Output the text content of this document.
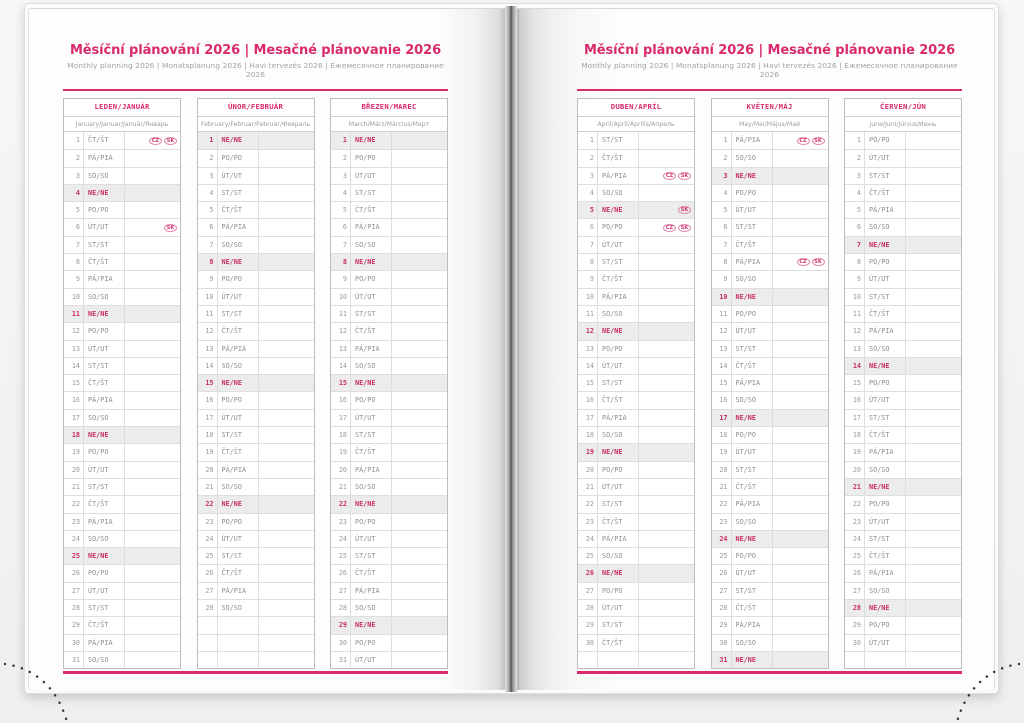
Měsíční plánování 2026 | Mesačné plánovanie 2026
Monthly planning 2026 | Monatsplanung 2026 | Havi tervezés 2026 | Ежемесячное планирование 2026
LEDEN/JANUÁR
January/Januar/Január/Январь
1	ČT/ŠT	CZ	SK
2	PÁ/PIA
3	SO/SO
4	NE/NE
5	PO/PO
6	ÚT/UT	SK
7	ST/ST
8	ČT/ŠT
9	PÁ/PIA
10	SO/SO
11	NE/NE
12	PO/PO
13	ÚT/UT
14	ST/ST
15	ČT/ŠT
16	PÁ/PIA
17	SO/SO
18	NE/NE
19	PO/PO
20	ÚT/UT
21	ST/ST
22	ČT/ŠT
23	PÁ/PIA
24	SO/SO
25	NE/NE
26	PO/PO
27	ÚT/UT
28	ST/ST
29	ČT/ŠT
30	PÁ/PIA
31	SO/SO
ÚNOR/FEBRUÁR
February/Februar/Február/Февраль
1	NE/NE
2	PO/PO
3	ÚT/UT
4	ST/ST
5	ČT/ŠT
6	PÁ/PIA
7	SO/SO
8	NE/NE
9	PO/PO
10	ÚT/UT
11	ST/ST
12	ČT/ŠT
13	PÁ/PIA
14	SO/SO
15	NE/NE
16	PO/PO
17	ÚT/UT
18	ST/ST
19	ČT/ŠT
20	PÁ/PIA
21	SO/SO
22	NE/NE
23	PO/PO
24	ÚT/UT
25	ST/ST
26	ČT/ŠT
27	PÁ/PIA
28	SO/SO
BŘEZEN/MAREC
March/März/Március/Март
1	NE/NE
2	PO/PO
3	ÚT/UT
4	ST/ST
5	ČT/ŠT
6	PÁ/PIA
7	SO/SO
8	NE/NE
9	PO/PO
10	ÚT/UT
11	ST/ST
12	ČT/ŠT
13	PÁ/PIA
14	SO/SO
15	NE/NE
16	PO/PO
17	ÚT/UT
18	ST/ST
19	ČT/ŠT
20	PÁ/PIA
21	SO/SO
22	NE/NE
23	PO/PO
24	ÚT/UT
25	ST/ST
26	ČT/ŠT
27	PÁ/PIA
28	SO/SO
29	NE/NE
30	PO/PO
31	ÚT/UT
Měsíční plánování 2026 | Mesačné plánovanie 2026
Monthly planning 2026 | Monatsplanung 2026 | Havi tervezés 2026 | Ежемесячное планирование 2026
DUBEN/APRÍL
April/Apríl/Április/Апрель
1	ST/ST
2	ČT/ŠT
3	PÁ/PIA	CZ	SK
4	SO/SO
5	NE/NE	SK
6	PO/PO	CZ	SK
7	ÚT/UT
8	ST/ST
9	ČT/ŠT
10	PÁ/PIA
11	SO/SO
12	NE/NE
13	PO/PO
14	ÚT/UT
15	ST/ST
16	ČT/ŠT
17	PÁ/PIA
18	SO/SO
19	NE/NE
20	PO/PO
21	ÚT/UT
22	ST/ST
23	ČT/ŠT
24	PÁ/PIA
25	SO/SO
26	NE/NE
27	PO/PO
28	ÚT/UT
29	ST/ST
30	ČT/ŠT
KVĚTEN/MÁJ
May/Mai/Május/Май
1	PÁ/PIA	CZ	SK
2	SO/SO
3	NE/NE
4	PO/PO
5	ÚT/UT
6	ST/ST
7	ČT/ŠT
8	PÁ/PIA	CZ	SK
9	SO/SO
10	NE/NE
11	PO/PO
12	ÚT/UT
13	ST/ST
14	ČT/ŠT
15	PÁ/PIA
16	SO/SO
17	NE/NE
18	PO/PO
19	ÚT/UT
20	ST/ST
21	ČT/ŠT
22	PÁ/PIA
23	SO/SO
24	NE/NE
25	PO/PO
26	ÚT/UT
27	ST/ST
28	ČT/ŠT
29	PÁ/PIA
30	SO/SO
31	NE/NE
ČERVEN/JÚN
June/Juni/Június/Июнь
1	PO/PO
2	ÚT/UT
3	ST/ST
4	ČT/ŠT
5	PÁ/PIA
6	SO/SO
7	NE/NE
8	PO/PO
9	ÚT/UT
10	ST/ST
11	ČT/ŠT
12	PÁ/PIA
13	SO/SO
14	NE/NE
15	PO/PO
16	ÚT/UT
17	ST/ST
18	ČT/ŠT
19	PÁ/PIA
20	SO/SO
21	NE/NE
22	PO/PO
23	ÚT/UT
24	ST/ST
25	ČT/ŠT
26	PÁ/PIA
27	SO/SO
28	NE/NE
29	PO/PO
30	ÚT/UT
